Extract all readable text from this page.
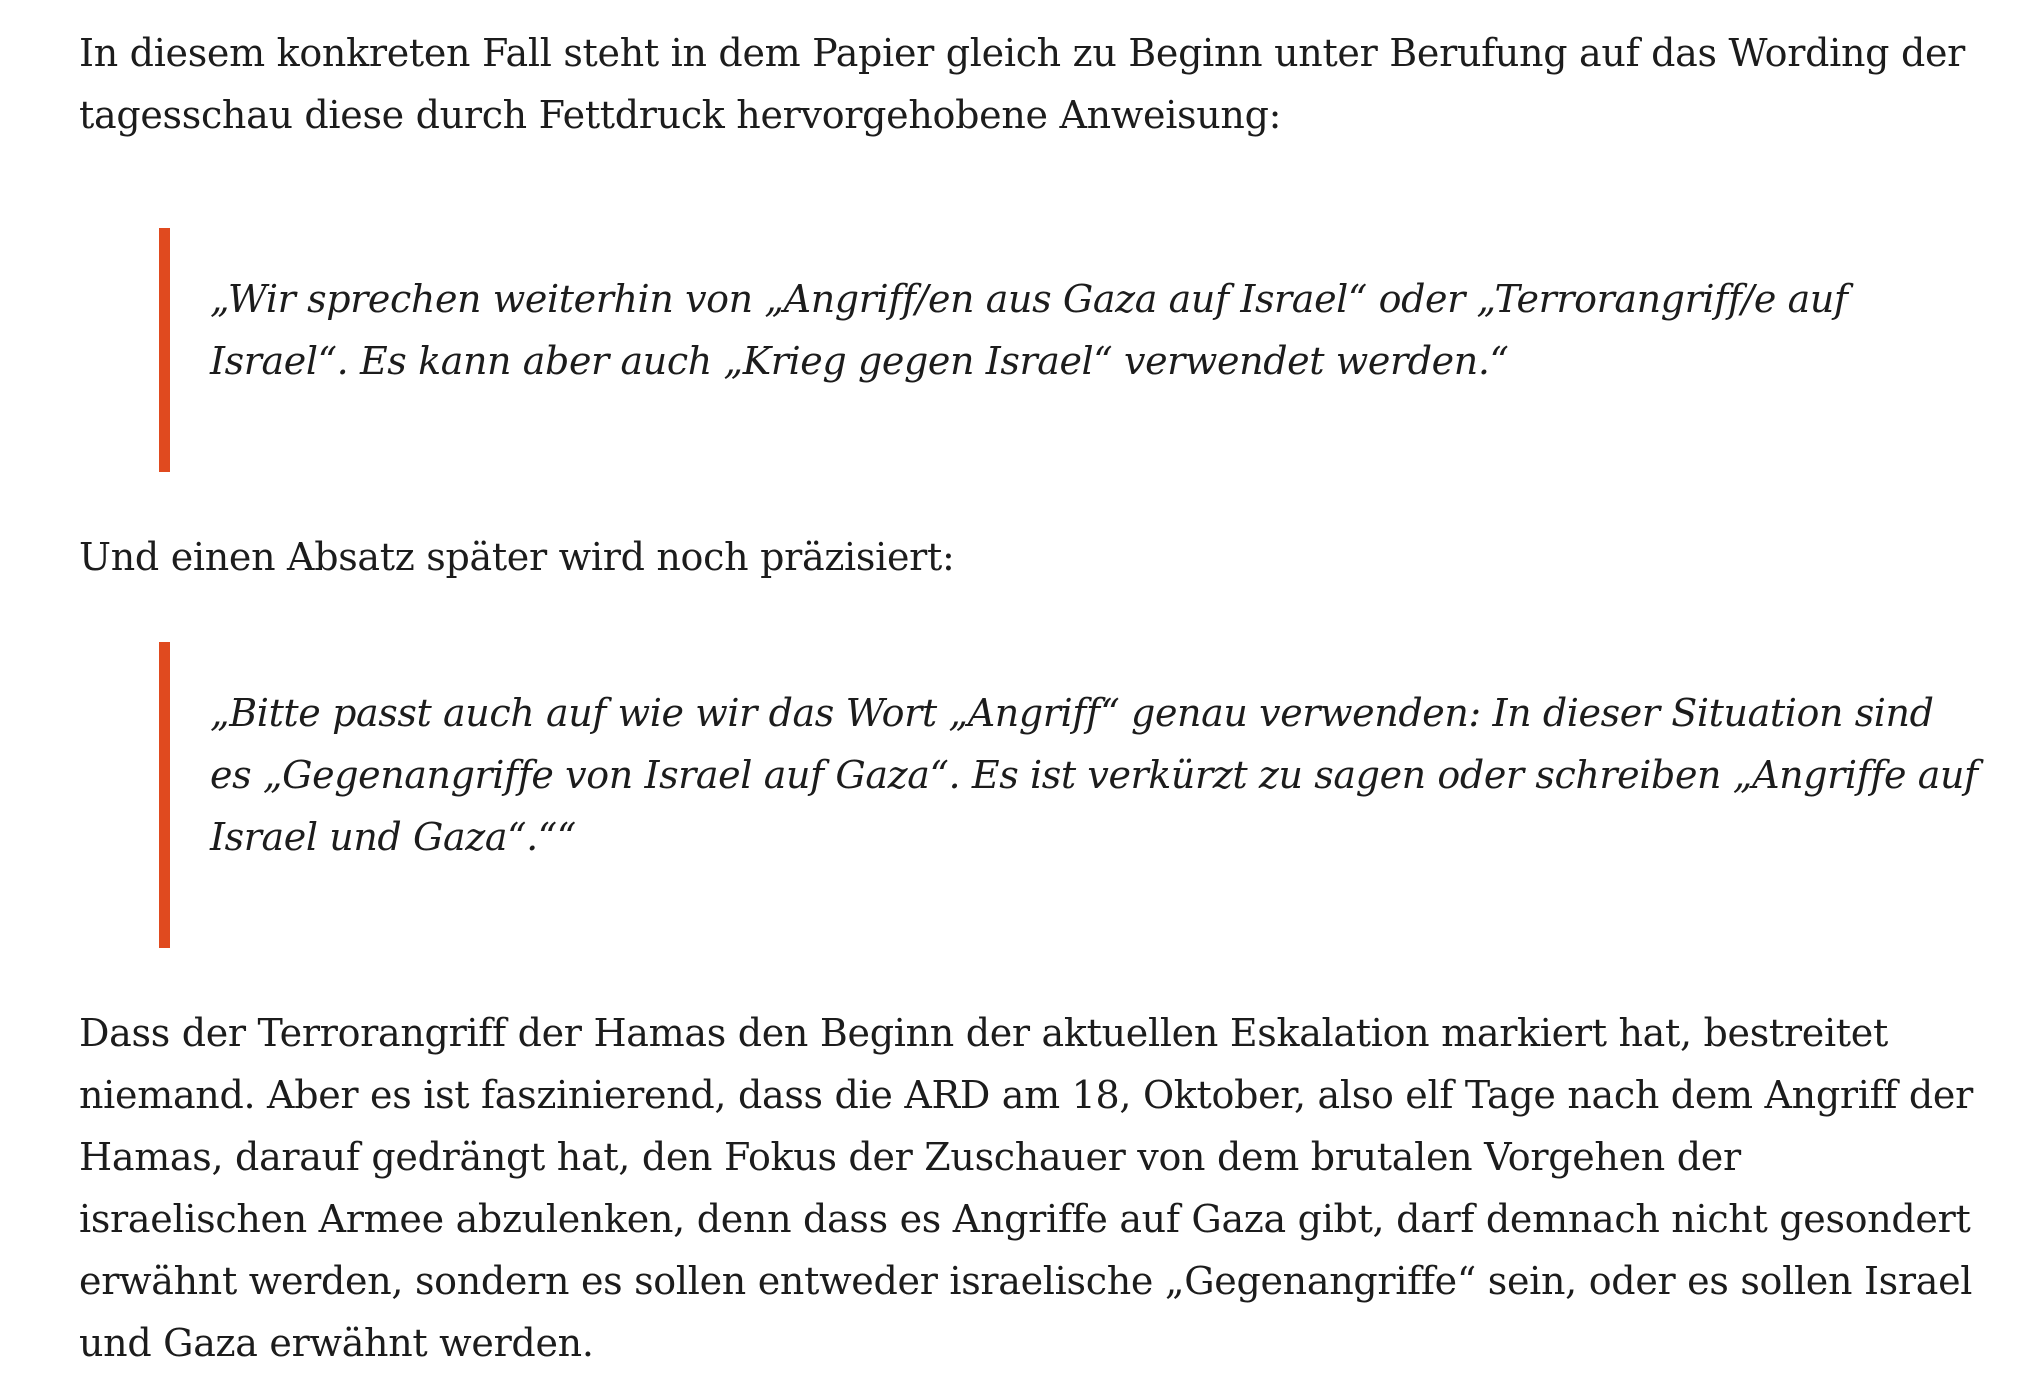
In diesem konkreten Fall steht in dem Papier gleich zu Beginn unter Berufung auf das Wording der tagesschau diese durch Fettdruck hervorgehobene Anweisung:

„Wir sprechen weiterhin von „Angriff/en aus Gaza auf Israel“ oder „Terrorangriff/e auf Israel“. Es kann aber auch „Krieg gegen Israel“ verwendet werden.“

Und einen Absatz später wird noch präzisiert:

„Bitte passt auch auf wie wir das Wort „Angriff“ genau verwenden: In dieser Situation sind es „Gegenangriffe von Israel auf Gaza“. Es ist verkürzt zu sagen oder schreiben „Angriffe auf Israel und Gaza“.““

Dass der Terrorangriff der Hamas den Beginn der aktuellen Eskalation markiert hat, bestreitet niemand. Aber es ist faszinierend, dass die ARD am 18, Oktober, also elf Tage nach dem Angriff der Hamas, darauf gedrängt hat, den Fokus der Zuschauer von dem brutalen Vorgehen der israelischen Armee abzulenken, denn dass es Angriffe auf Gaza gibt, darf demnach nicht gesondert erwähnt werden, sondern es sollen entweder israelische „Gegenangriffe“ sein, oder es sollen Israel und Gaza erwähnt werden.
